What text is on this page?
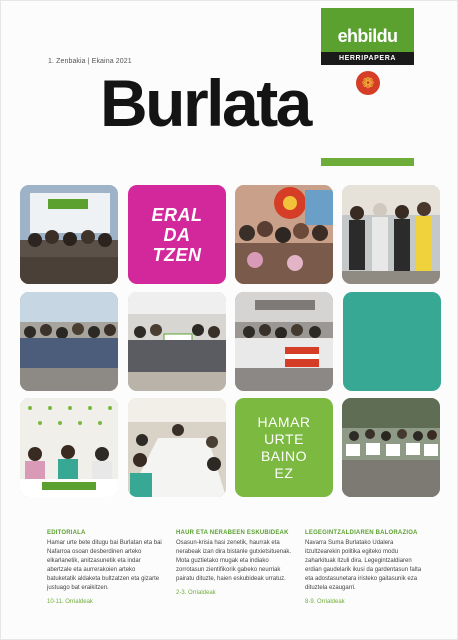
1. Zenbakia | Ekaina 2021
ehbildu
HERRIPAPERA
❁
Burlata
ERAL
DA
TZEN
HAMAR
URTE
BAINO
EZ
EDITORIALA
Hamar urte bete ditugu bai Burlatan eta bai Nafarroa osoan desberdinen arteko elkarlanetik, anitzasunetik eta indar abertzale eta aurrerakoien arteko batuketatik aldaketa bultzatzen eta gizarte justuago bat eraikitzen.
10-11. Orrialdeak
HAUR ETA NERABEEN ESKUBIDEAK
Osasun-krisia hasi zenetik, haurrak eta nerabeak izan dira bistanle gutxietsituenak. Mota guztietako mugak eta indiako zorrotasun zientifikorik gabeko neurriak pairatu dituzte, haien eskubideak urratuz.
2-3. Orrialdeak
LEGEGINTZALDIAREN BALORAZIOA
Navarra Suma Burlatako Udalera itzultzearekin politika egiteko modu zaharkituak itzuli dira. Legegintzaldiaren erdian gaudelarik ikusi da gardentasun falta eta adostasunetara iristeko gaitasunik eza dituztela ezaugarri.
8-9. Orrialdeak
